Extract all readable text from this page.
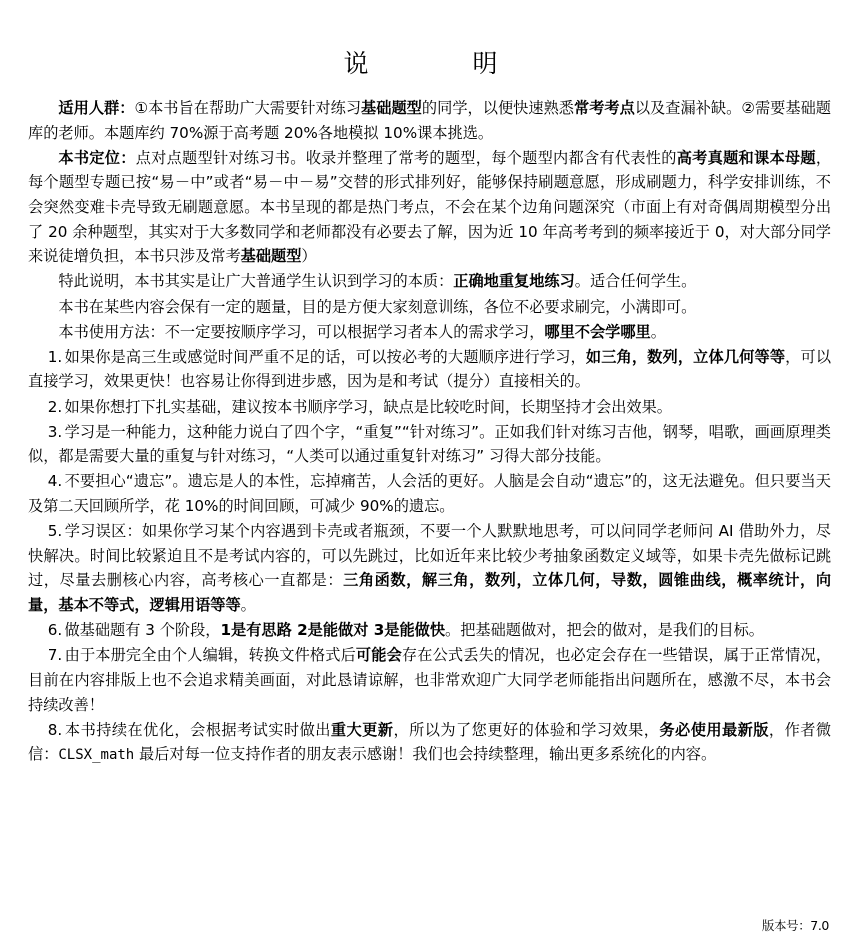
说　　明

适用人群：①本书旨在帮助广大需要针对练习基础题型的同学，以便快速熟悉常考考点以及查漏补缺。②需要基础题库的老师。本题库约 70%源于高考题 20%各地模拟 10%课本挑选。

本书定位：点对点题型针对练习书。收录并整理了常考的题型，每个题型内都含有代表性的高考真题和课本母题，每个题型专题已按“易－中”或者“易－中－易”交替的形式排列好，能够保持刷题意愿，形成刷题力，科学安排训练，不会突然变难卡壳导致无刷题意愿。本书呈现的都是热门考点，不会在某个边角问题深究（市面上有对奇偶周期模型分出了 20 余种题型，其实对于大多数同学和老师都没有必要去了解，因为近 10 年高考考到的频率接近于 0，对大部分同学来说徒增负担，本书只涉及常考基础题型）

特此说明，本书其实是让广大普通学生认识到学习的本质：正确地重复地练习。适合任何学生。

本书在某些内容会保有一定的题量，目的是方便大家刻意训练，各位不必要求刷完，小满即可。

本书使用方法：不一定要按顺序学习，可以根据学习者本人的需求学习，哪里不会学哪里。

1. 如果你是高三生或感觉时间严重不足的话，可以按必考的大题顺序进行学习，如三角，数列，立体几何等等，可以直接学习，效果更快！也容易让你得到进步感，因为是和考试（提分）直接相关的。

2. 如果你想打下扎实基础，建议按本书顺序学习，缺点是比较吃时间，长期坚持才会出效果。

3. 学习是一种能力，这种能力说白了四个字，“重复”“针对练习”。正如我们针对练习吉他，钢琴，唱歌，画画原理类似，都是需要大量的重复与针对练习，“人类可以通过重复针对练习” 习得大部分技能。

4. 不要担心“遗忘”。遗忘是人的本性，忘掉痛苦，人会活的更好。人脑是会自动“遗忘”的，这无法避免。但只要当天及第二天回顾所学，花 10%的时间回顾，可减少 90%的遗忘。

5. 学习误区：如果你学习某个内容遇到卡壳或者瓶颈，不要一个人默默地思考，可以问同学老师问 AI 借助外力，尽快解决。时间比较紧迫且不是考试内容的，可以先跳过，比如近年来比较少考抽象函数定义域等，如果卡壳先做标记跳过，尽量去删核心内容，高考核心一直都是：三角函数，解三角，数列，立体几何，导数，圆锥曲线，概率统计，向量，基本不等式，逻辑用语等等。

6. 做基础题有 3 个阶段，1是有思路 2是能做对 3是能做快。把基础题做对，把会的做对，是我们的目标。

7. 由于本册完全由个人编辑，转换文件格式后可能会存在公式丢失的情况，也必定会存在一些错误，属于正常情况，目前在内容排版上也不会追求精美画面，对此恳请谅解，也非常欢迎广大同学老师能指出问题所在，感激不尽，本书会持续改善！

8. 本书持续在优化，会根据考试实时做出重大更新，所以为了您更好的体验和学习效果，务必使用最新版，作者微信：CLSX_math 最后对每一位支持作者的朋友表示感谢！我们也会持续整理，输出更多系统化的内容。

版本号：7.0
